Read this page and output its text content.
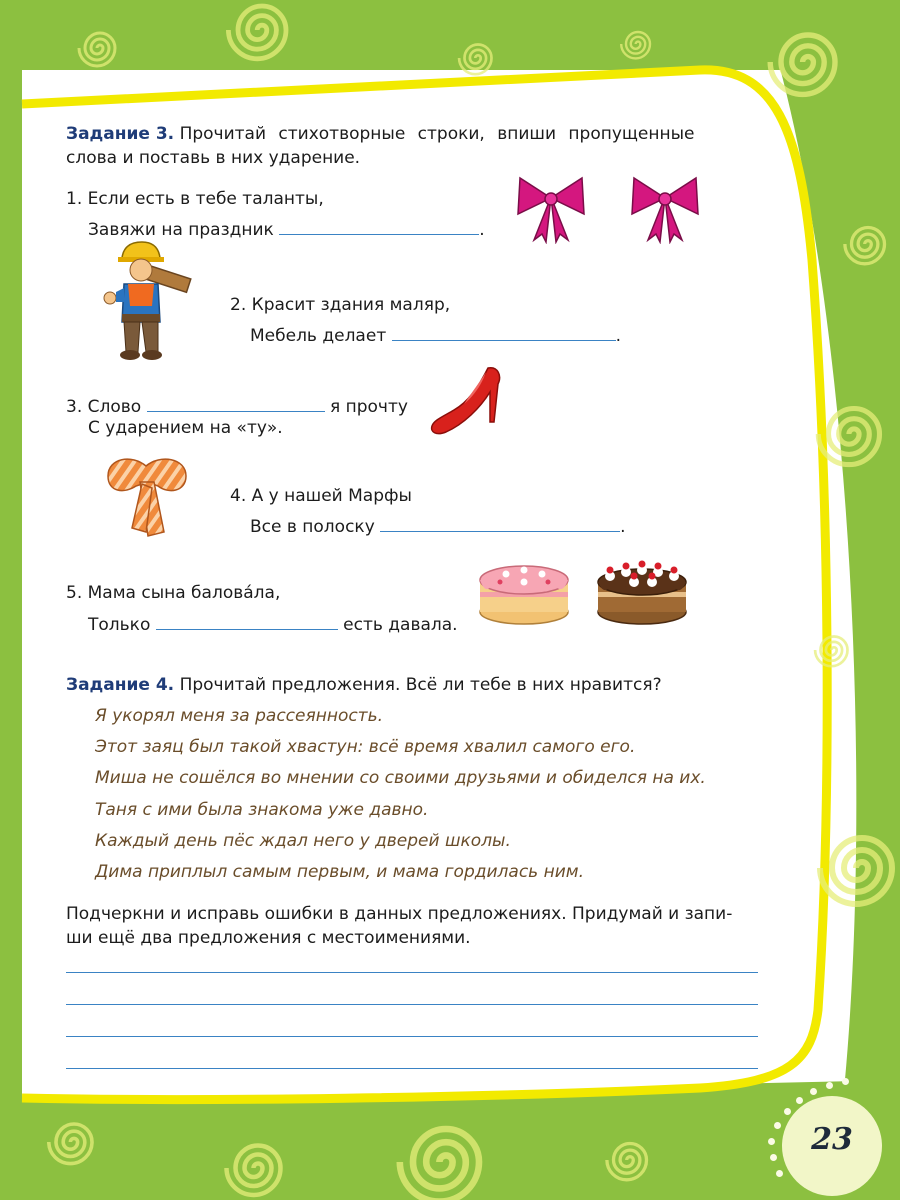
23
Задание 3. Прочитай стихотворные строки, впиши пропущенные
слова и поставь в них ударение.
1. Если есть в тебе таланты,
Завяжи на праздник	.
2. Красит здания маляр,
Мебель делает	.
3. Слово	я прочту
С ударением на «ту».
4. А у нашей Марфы
Все в полоску	.
5. Мама сына балова́ла,
Только	есть давала.
Задание 4. Прочитай предложения. Всё ли тебе в них нравится?
Я укорял меня за рассеянность.
Этот заяц был такой хвастун: всё время хвалил самого его.
Миша не сошёлся во мнении со своими друзьями и обиделся на их.
Таня с ими была знакома уже давно.
Каждый день пёс ждал него у дверей школы.
Дима приплыл самым первым, и мама гордилась ним.
Подчеркни и исправь ошибки в данных предложениях. Придумай и запи-
ши ещё два предложения с местоимениями.
